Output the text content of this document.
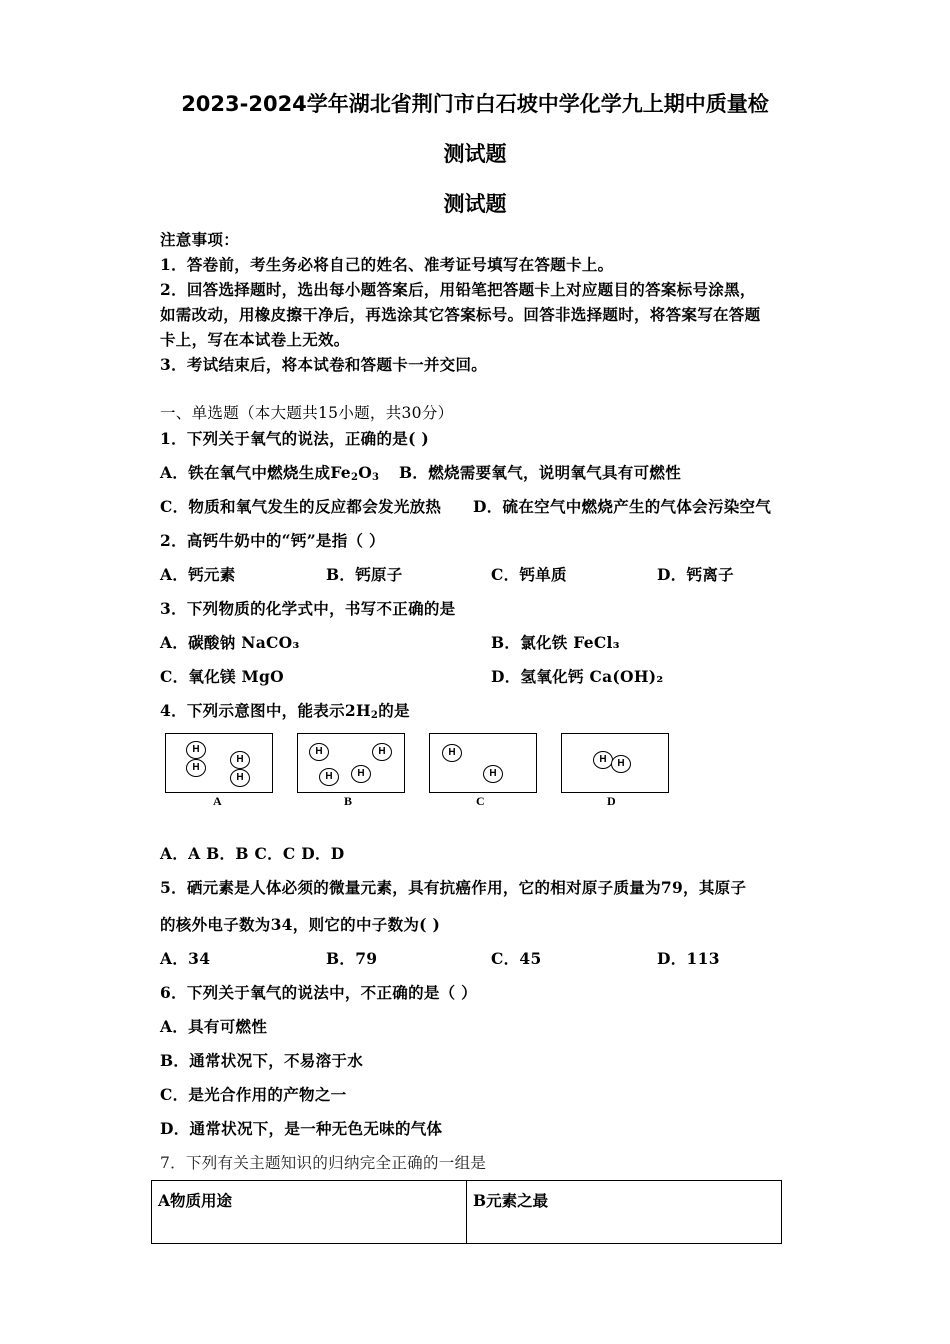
2023-2024学年湖北省荆门市白石坡中学化学九上期中质量检
测试题
测试题
注意事项：
1．答卷前，考生务必将自己的姓名、准考证号填写在答题卡上。
2．回答选择题时，选出每小题答案后，用铅笔把答题卡上对应题目的答案标号涂黑，
如需改动，用橡皮擦干净后，再选涂其它答案标号。回答非选择题时，将答案写在答题
卡上，写在本试卷上无效。
3．考试结束后，将本试卷和答题卡一并交回。
一、单选题（本大题共15小题，共30分）
1．下列关于氧气的说法，正确的是( )
A．铁在氧气中燃烧生成$Fe_2O_3$ B．燃烧需要氧气，说明氧气具有可燃性
C．物质和氧气发生的反应都会发光放热 D．硫在空气中燃烧产生的气体会污染空气
2．高钙牛奶中的“钙”是指（ ）
A．钙元素	B．钙原子	C．钙单质	D．钙离子
3．下列物质的化学式中，书写不正确的是
A．碳酸钠 NaCO₃	B．氯化铁 FeCl₃
C．氧化镁 MgO	D．氢氧化钙 Ca(OH)₂
4．下列示意图中，能表示$2H_2$的是
H
H
H
H
A
H	H
H	H
B
H
H
C
H	H
D
A．A B．B C．C D．D
5．硒元素是人体必须的微量元素，具有抗癌作用，它的相对原子质量为79，其原子
的核外电子数为34，则它的中子数为( )
A．34	B．79	C．45	D．113
6．下列关于氧气的说法中，不正确的是（ ）
A．具有可燃性
B．通常状况下，不易溶于水
C．是光合作用的产物之一
D．通常状况下，是一种无色无味的气体
7．下列有关主题知识的归纳完全正确的一组是
A物质用途	B元素之最
